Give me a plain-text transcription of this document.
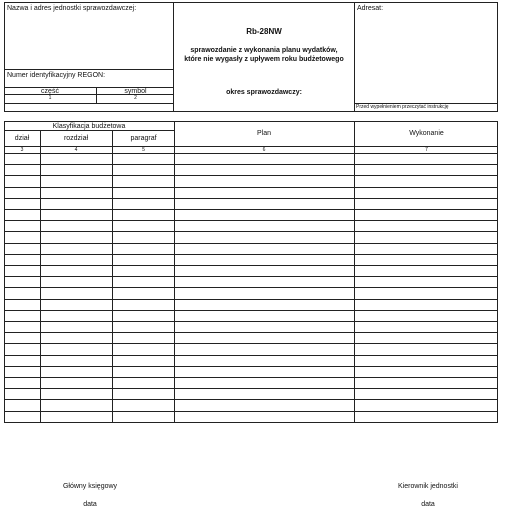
Nazwa i adres jednostki sprawozdawczej:
Numer identyfikacyjny REGON:
część	symbol
1	2
Rb-28NW
sprawozdanie z wykonania planu wydatków,
które nie wygasły z upływem roku budżetowego
okres sprawozdawczy:
Adresat:
Przed wypełnieniem przeczytać instrukcję
Klasyfikacja budżetowa
dział	rozdział	paragraf
Plan	Wykonanie
3	4	5	6	7
Główny księgowy
data
Kierownik jednostki
data
